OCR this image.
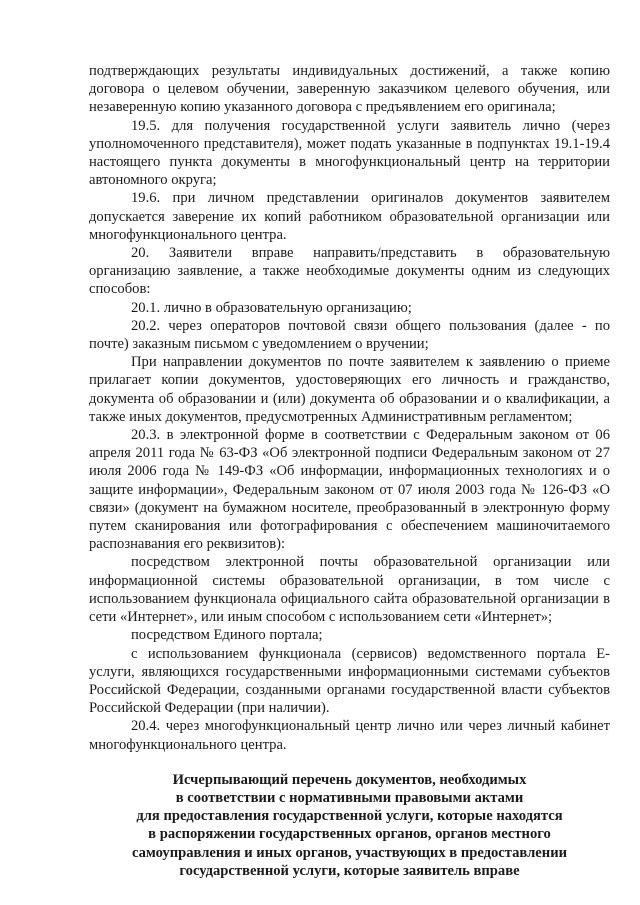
подтверждающих результаты индивидуальных достижений, а также копию договора о целевом обучении, заверенную заказчиком целевого обучения, или незаверенную копию указанного договора с предъявлением его оригинала;

19.5. для получения государственной услуги заявитель лично (через уполномоченного представителя), может подать указанные в подпунктах 19.1-19.4 настоящего пункта документы в многофункциональный центр на территории автономного округа;

19.6. при личном представлении оригиналов документов заявителем допускается заверение их копий работником образовательной организации или многофункционального центра.

20. Заявители вправе направить/представить в образовательную организацию заявление, а также необходимые документы одним из следующих способов:

20.1. лично в образовательную организацию;

20.2. через операторов почтовой связи общего пользования (далее - по почте) заказным письмом с уведомлением о вручении;

При направлении документов по почте заявителем к заявлению о приеме прилагает копии документов, удостоверяющих его личность и гражданство, документа об образовании и (или) документа об образовании и о квалификации, а также иных документов, предусмотренных Административным регламентом;

20.3. в электронной форме в соответствии с Федеральным законом от 06 апреля 2011 года № 63-ФЗ «Об электронной подписи Федеральным законом от 27 июля 2006 года № 149-ФЗ «Об информации, информационных технологиях и о защите информации», Федеральным законом от 07 июля 2003 года № 126-ФЗ «О связи» (документ на бумажном носителе, преобразованный в электронную форму путем сканирования или фотографирования с обеспечением машиночитаемого распознавания его реквизитов):

посредством электронной почты образовательной организации или информационной системы образовательной организации, в том числе с использованием функционала официального сайта образовательной организации в сети «Интернет», или иным способом с использованием сети «Интернет»;

посредством Единого портала;

с использованием функционала (сервисов) ведомственного портала Е-услуги, являющихся государственными информационными системами субъектов Российской Федерации, созданными органами государственной власти субъектов Российской Федерации (при наличии).

20.4. через многофункциональный центр лично или через личный кабинет многофункционального центра.

Исчерпывающий перечень документов, необходимых
в соответствии с нормативными правовыми актами
для предоставления государственной услуги, которые находятся
в распоряжении государственных органов, органов местного
самоуправления и иных органов, участвующих в предоставлении
государственной услуги, которые заявитель вправе
